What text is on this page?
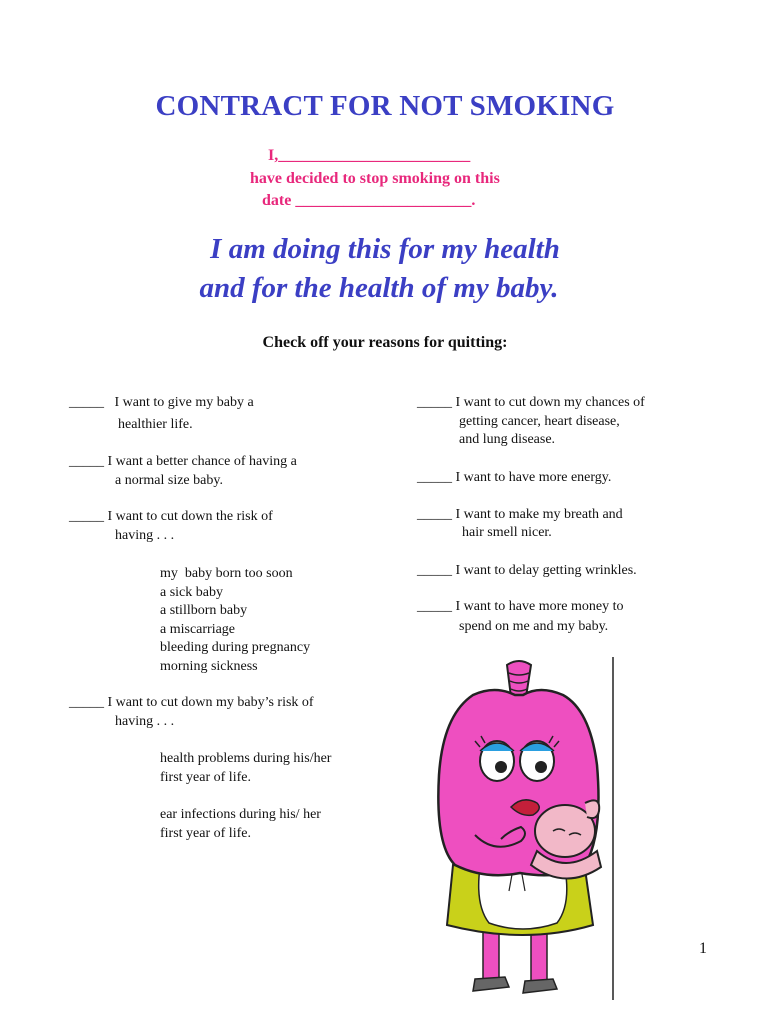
CONTRACT FOR NOT SMOKING
I,________________________
have decided to stop smoking on this
date ______________________.
I am doing this for my health
and for the health of my baby.
Check off your reasons for quitting:
_____   I want to give my baby a
healthier life.
_____ I want a better chance of having a
a normal size baby.
_____ I want to cut down the risk of
having . . .
my  baby born too soon
a sick baby
a stillborn baby
a miscarriage
bleeding during pregnancy
morning sickness
_____ I want to cut down my baby’s risk of
having . . .
health problems during his/her
first year of life.
ear infections during his/ her
first year of life.
_____ I want to cut down my chances of
getting cancer, heart disease,
and lung disease.
_____ I want to have more energy.
_____ I want to make my breath and
hair smell nicer.
_____ I want to delay getting wrinkles.
_____ I want to have more money to
spend on me and my baby.
1
